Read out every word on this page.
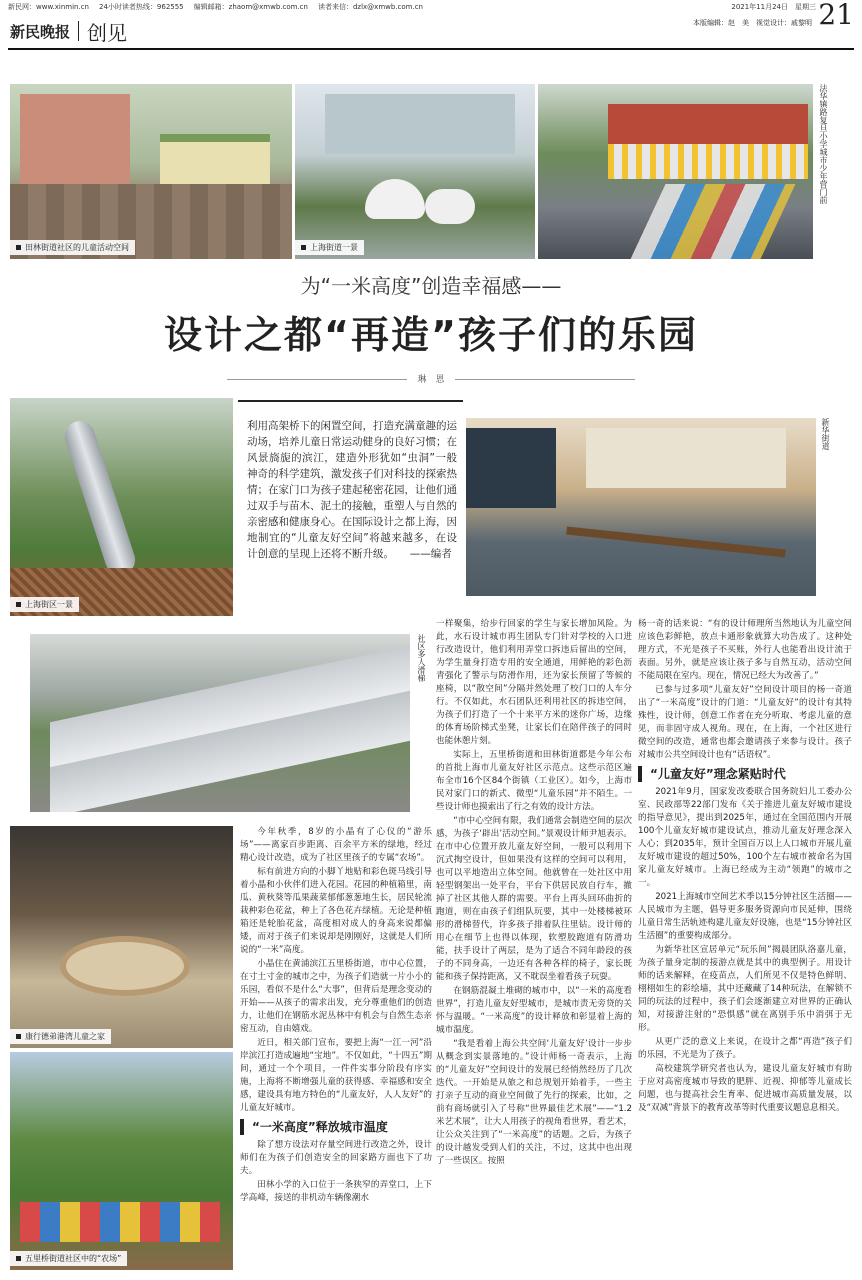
新民网：www.xinmin.cn 24小时读者热线：962555 编辑邮箱：zhaom@xmwb.com.cn 读者来信：dzlx@xmwb.com.cn	2021年11月24日　星期三 21
新民晚报 创见	本版编辑：赵　美　视觉设计：戚黎明
田林街道社区的儿童活动空间	上海街道一景
法华镇路复旦小学城市少年营门前
为“一米高度”创造幸福感——
设计之都“再造”孩子们的乐园
琳　恩
上海街区一景
利用高架桥下的闲置空间，打造充满童趣的运动场，培养儿童日常运动健身的良好习惯；在风景旖旎的滨江，建造外形犹如“虫洞”一般神奇的科学建筑，激发孩子们对科技的探索热情；在家门口为孩子建起秘密花园，让他们通过双手与苗木、泥土的接触，重塑人与自然的亲密感和健康身心。在国际设计之都上海，因地制宜的“儿童友好空间”将越来越多，在设计创意的呈现上还将不断升级。　　——编者
新华街道
社区多人滑梯
康行德弟港湾儿童之家
五里桥街道社区中的“农场”

今年秋季，8岁的小晶有了心仪的“游乐场”——离家百步距离、百余平方米的绿地，经过精心设计改造，成为了社区里孩子的专属“农场”。

标有前进方向的小脚丫地贴和彩色斑马线引导着小晶和小伙伴们进入花园。花园的种植箱里，南瓜、黄秋葵等瓜果蔬菜郁郁葱葱地生长，居民轮流栽种彩色花盆，种上了各色花卉绿植。无论是种植箱还是轮胎花盆，高度相对成人的身高来说都偏矮，而对于孩子们来说却是刚刚好，这就是人们所说的“一米”高度。

小晶住在黄浦滨江五里桥街道，市中心位置，在寸土寸金的城市之中，为孩子们造就一片小小的乐园，看似不是什么“大事”，但背后是理念变动的开始——从孩子的需求出发，充分尊重他们的创造力，让他们在钢筋水泥丛林中有机会与自然生态亲密互动，自由嬉戏。

近日，相关部门宣布，要把上海“一江一河”沿岸滨江打造成遍地“宝地”。不仅如此，“十四五”期间，通过一个个项目，一件件实事分阶段有序实施，上海将不断增强儿童的获得感、幸福感和安全感，建设具有地方特色的“儿童友好，人人友好”的儿童友好城市。

“一米高度”释放城市温度

除了想方设法对存量空间进行改造之外，设计师们在为孩子们创造安全的回家路方面也下了功夫。

田林小学的入口位于一条狭窄的弄堂口，上下学高峰，接送的非机动车辆像潮水

一样聚集，给步行回家的学生与家长增加风险。为此，水石设计城市再生团队专门针对学校的入口进行改造设计，他们利用弄堂口拆违后留出的空间，为学生量身打造专用的安全通道，用鲜艳的彩色沥青强化了警示与防滑作用，还为家长预留了等候的座椅，以“散空间”分隔并然处理了校门口的人车分行。不仅如此，水石团队还利用社区的拆违空间，为孩子们打造了一个十来平方米的迷你广场，边缘的体育场阶梯式坐凳，让家长们在陪伴孩子的同时也能休憩片刻。

实际上，五里桥街道和田林街道都是今年公布的首批上海市儿童友好社区示范点。这些示范区遍布全市16个区84个街镇（工业区）。如今，上海市民对家门口的新式、微型“儿童乐园”并不陌生。一些设计师也摸索出了行之有效的设计方法。

“市中心空间有限，我们通常会制造空间的层次感，为孩子‘辟出’活动空间。”景观设计师尹旭表示。在市中心位置开放儿童友好空间，一般可以利用下沉式掏空设计，但如果没有这样的空间可以利用，也可以平地造出立体空间。他就曾在一处社区中用轻型钢架出一处平台，平台下供居民放自行车，撤掉了社区其他人群的需要。平台上再头回环曲折的跑道，则在由孩子们组队玩要，其中一处楼梯被环形的滑梯替代，许多孩子排着队往里钻。设计师的用心在细节上也得以体现，软塑胶跑道有防滑功能，扶手设计了两层，是为了适合不同年龄段的孩子的不同身高，一边还有各种各样的椅子，家长既能和孩子保持距离，又不耽误坐着看孩子玩耍。

在钢筋混凝土堆砌的城市中，以“一米的高度看世界”，打造儿童友好型城市，是城市责无旁贷的关怀与温暖。“一米高度”的设计释放和彰显着上海的城市温度。

“我是看着上海公共空间‘儿童友好’设计一步步从概念到实景落地的。”设计师杨一奇表示，上海的“儿童友好”空间设计的发展已经悄然经历了几次迭代。一开始是从旅之和总规划开始着手，一些主打亲子互动的商业空间做了先行的探索，比如，之前有商场就引入了号称“世界最佳艺术展”——“1.2米艺术展”，让大人用孩子的视角看世界，看艺术，让公众关注到了“一米高度”的话题。之后，为孩子的设计越发受到人们的关注，不过，这其中也出现了一些误区。按照

杨一奇的话来说：“有的设计师理所当然地认为儿童空间应该色彩鲜艳，放点卡通形象就算大功告成了。这种处理方式，不光是孩子不买账，外行人也能看出设计流于表面。另外，就是应该让孩子多与自然互动，活动空间不能局限在室内。现在，情况已经大为改善了。”

已参与过多项“儿童友好”空间设计项目的杨一奇道出了“一米高度”设计的门道：“儿童友好”的设计有其特殊性，设计师，创意工作者在充分听取、考虑儿童的意见，而非固守成人视角。现在，在上海，一个社区进行微空间的改造，通常也都会邀请孩子来参与设计。孩子对城市公共空间设计也有“话语权”。

“儿童友好”理念紧贴时代

2021年9月，国家发改委联合国务院妇儿工委办公室、民政部等22部门发布《关于推进儿童友好城市建设的指导意见》，提出到2025年，通过在全国范围内开展100个儿童友好城市建设试点，推动儿童友好理念深入人心；到2035年，预计全国百万以上人口城市开展儿童友好城市建设的超过50%，100个左右城市被命名为国家儿童友好城市。上海已经成为主动“领跑”的城市之一。

2021上海城市空间艺术季以15分钟社区生活圈——人民城市为主题，倡导更多服务资源向市民延伸，围绕儿童日常生活轨迹构建儿童友好设施，也是“15分钟社区生活圈”的重要构成部分。

为新华社区宣居单元“玩乐间”揭晨团队洛嘉儿童，为孩子量身定制的接游点就是其中的典型例子。用设计师的话来解释，在疫苗点，人们所见不仅是特色鲜明、栩栩如生的彩绘墙，其中还藏藏了14种玩法，在解锁不同的玩法的过程中，孩子们会逐渐建立对世界的正确认知，对接游注射的“恐惧感”就在离别手乐中消弭于无形。

从更广泛的意义上来说，在设计之都“再造”孩子们的乐园，不光是为了孩子。

高校建筑学研究者也认为，建设儿童友好城市有助于应对高密度城市导致的肥胖、近视、抑郁等儿童成长问题，也与提高社会生育率、促进城市高质量发展，以及“双减”背景下的教育改革等时代重要议题息息相关。
